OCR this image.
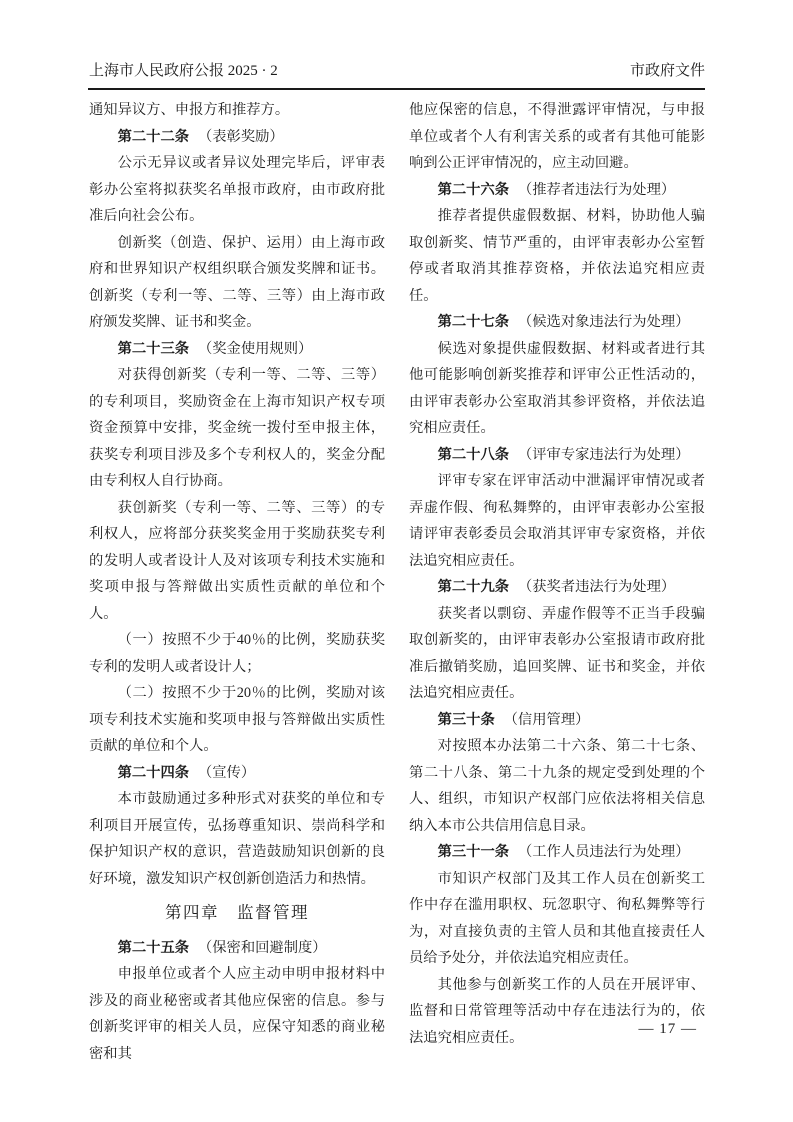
上海市人民政府公报 2025 · 2	市政府文件

通知异议方、申报方和推荐方。

第二十二条 （表彰奖励）

公示无异议或者异议处理完毕后，评审表彰办公室将拟获奖名单报市政府，由市政府批准后向社会公布。

创新奖（创造、保护、运用）由上海市政府和世界知识产权组织联合颁发奖牌和证书。创新奖（专利一等、二等、三等）由上海市政府颁发奖牌、证书和奖金。

第二十三条 （奖金使用规则）

对获得创新奖（专利一等、二等、三等）的专利项目，奖励资金在上海市知识产权专项资金预算中安排，奖金统一拨付至申报主体，获奖专利项目涉及多个专利权人的，奖金分配由专利权人自行协商。

获创新奖（专利一等、二等、三等）的专利权人，应将部分获奖奖金用于奖励获奖专利的发明人或者设计人及对该项专利技术实施和奖项申报与答辩做出实质性贡献的单位和个人。

（一）按照不少于40％的比例，奖励获奖专利的发明人或者设计人；

（二）按照不少于20％的比例，奖励对该项专利技术实施和奖项申报与答辩做出实质性贡献的单位和个人。

第二十四条 （宣传）

本市鼓励通过多种形式对获奖的单位和专利项目开展宣传，弘扬尊重知识、崇尚科学和保护知识产权的意识，营造鼓励知识创新的良好环境，激发知识产权创新创造活力和热情。

第四章　监督管理

第二十五条 （保密和回避制度）

申报单位或者个人应主动申明申报材料中涉及的商业秘密或者其他应保密的信息。参与创新奖评审的相关人员，应保守知悉的商业秘密和其

他应保密的信息，不得泄露评审情况，与申报单位或者个人有利害关系的或者有其他可能影响到公正评审情况的，应主动回避。

第二十六条 （推荐者违法行为处理）

推荐者提供虚假数据、材料，协助他人骗取创新奖、情节严重的，由评审表彰办公室暂停或者取消其推荐资格，并依法追究相应责任。

第二十七条 （候选对象违法行为处理）

候选对象提供虚假数据、材料或者进行其他可能影响创新奖推荐和评审公正性活动的，由评审表彰办公室取消其参评资格，并依法追究相应责任。

第二十八条 （评审专家违法行为处理）

评审专家在评审活动中泄漏评审情况或者弄虚作假、徇私舞弊的，由评审表彰办公室报请评审表彰委员会取消其评审专家资格，并依法追究相应责任。

第二十九条 （获奖者违法行为处理）

获奖者以剽窃、弄虚作假等不正当手段骗取创新奖的，由评审表彰办公室报请市政府批准后撤销奖励，追回奖牌、证书和奖金，并依法追究相应责任。

第三十条 （信用管理）

对按照本办法第二十六条、第二十七条、第二十八条、第二十九条的规定受到处理的个人、组织，市知识产权部门应依法将相关信息纳入本市公共信用信息目录。

第三十一条 （工作人员违法行为处理）

市知识产权部门及其工作人员在创新奖工作中存在滥用职权、玩忽职守、徇私舞弊等行为，对直接负责的主管人员和其他直接责任人员给予处分，并依法追究相应责任。

其他参与创新奖工作的人员在开展评审、监督和日常管理等活动中存在违法行为的，依法追究相应责任。

— 17 —
